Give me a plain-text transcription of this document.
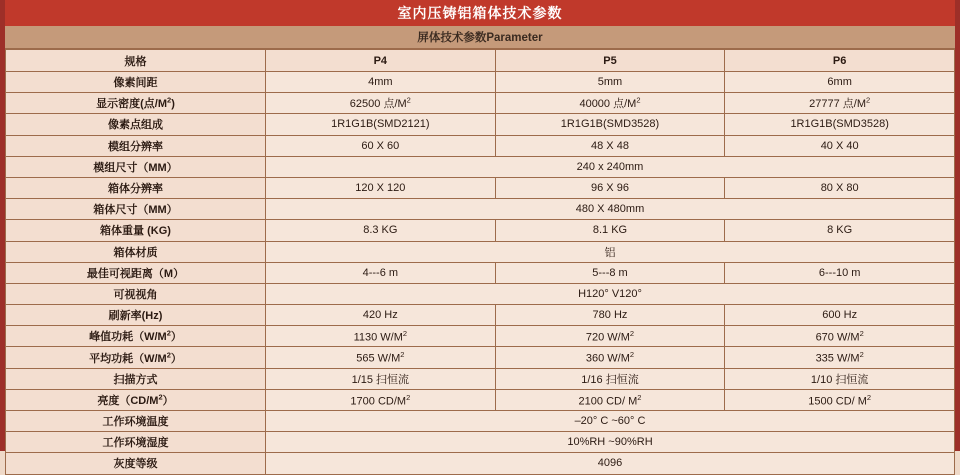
室内压铸铝箱体技术参数
屏体技术参数Parameter
规格	P4	P5	P6
像素间距	4mm	5mm	6mm
显示密度(点$/M^2$)	62500 点$/M^2$	40000 点$/M^2$	27777 点$/M^2$
像素点组成	1R1G1B(SMD2121)	1R1G1B(SMD3528)	1R1G1B(SMD3528)
模组分辨率	60 X 60	48 X 48	40 X 40
模组尺寸（MM）	240 x 240mm		
箱体分辨率	120 X 120	96 X 96	80 X 80
箱体尺寸（MM）	480 X 480mm		
箱体重量 (KG)	8.3 KG	8.1 KG	8 KG
箱体材质	铝		
最佳可视距离（M）	4---6 m	5---8 m	6---10 m
可视视角	H120° V120°		
刷新率(Hz)	420 Hz	780 Hz	600 Hz
峰值功耗$(W/M^2)$	1130 $W/M^2$	720 $W/M^2$	670 $W/M^2$
平均功耗$(W/M^2)$	565 $W/M^2$	360 $W/M^2$	335 $W/M^2$
扫描方式	1/15 扫恒流	1/16 扫恒流	1/10 扫恒流
亮度$(CD/M^2)$	1700 $CD/M^2$	2100 CD/ $M^2$	1500 CD/ $M^2$
工作环境温度	–20° C ~60° C		
工作环境湿度	10%RH ~90%RH		
灰度等级	4096		
